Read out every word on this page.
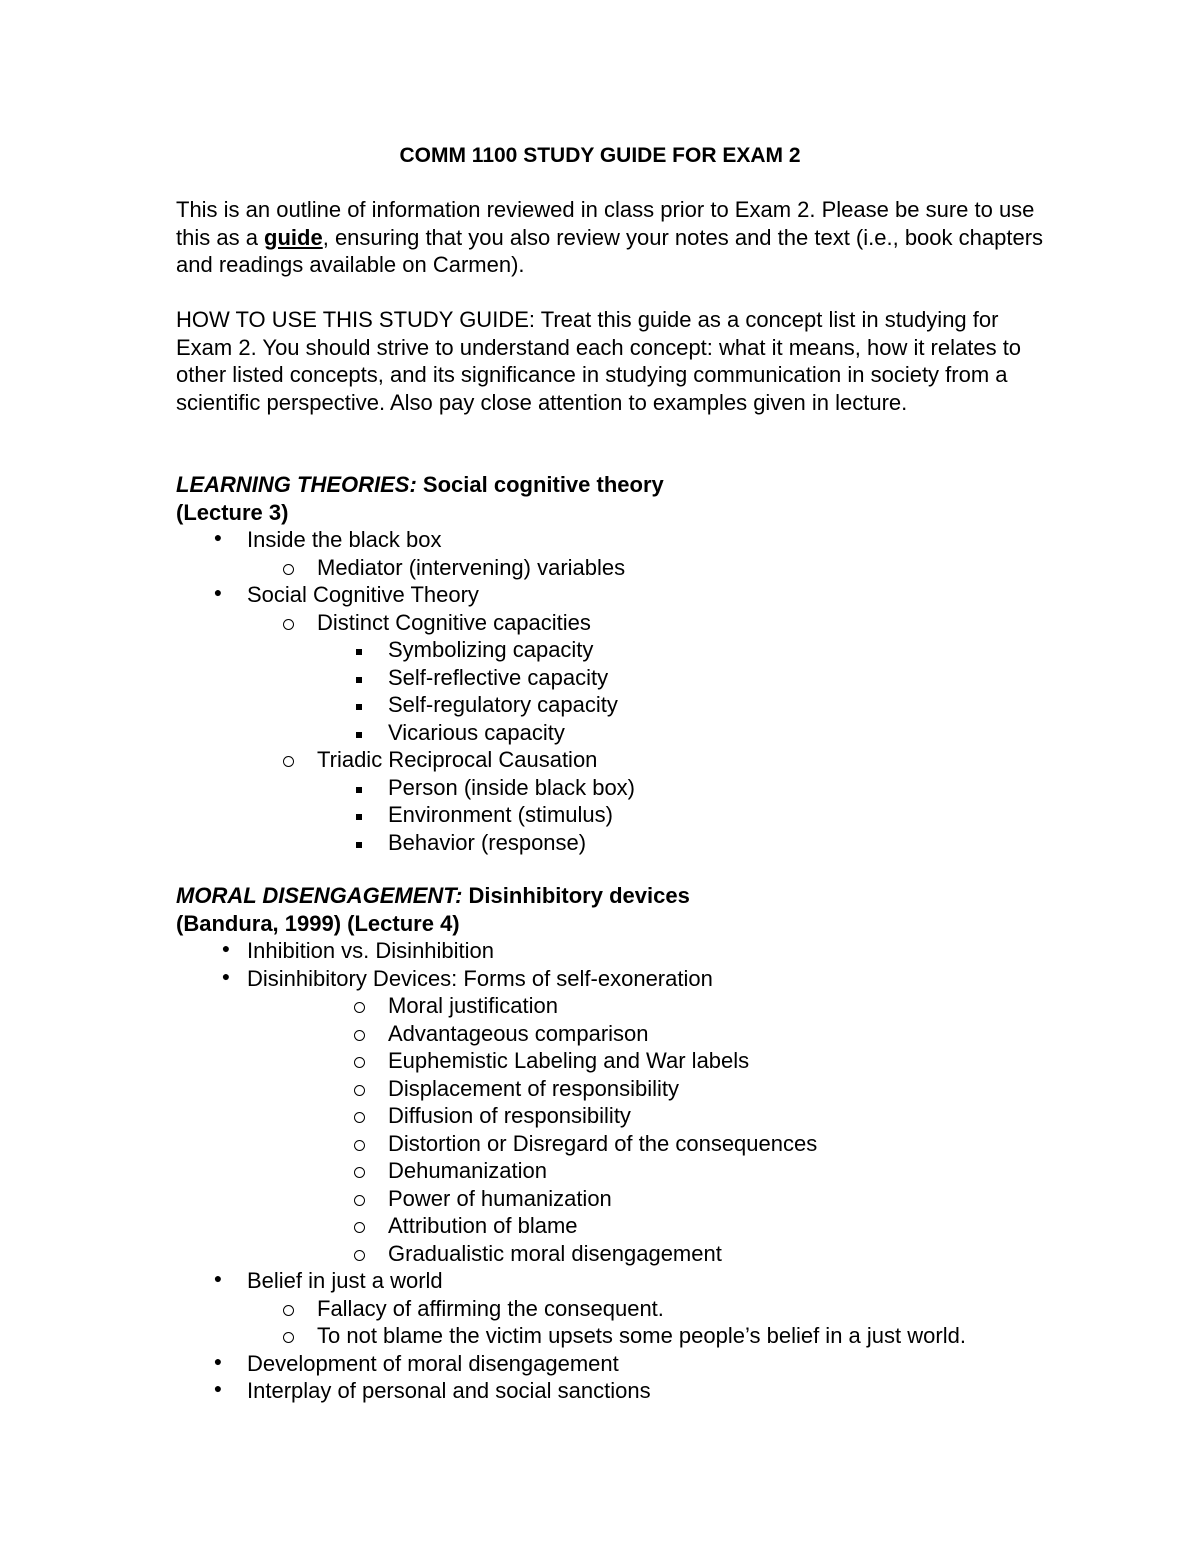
COMM 1100 STUDY GUIDE FOR EXAM 2

This is an outline of information reviewed in class prior to Exam 2. Please be sure to use this as a guide, ensuring that you also review your notes and the text (i.e., book chapters and readings available on Carmen).

HOW TO USE THIS STUDY GUIDE: Treat this guide as a concept list in studying for Exam 2. You should strive to understand each concept: what it means, how it relates to other listed concepts, and its significance in studying communication in society from a scientific perspective. Also pay close attention to examples given in lecture.

LEARNING THEORIES: Social cognitive theory
(Lecture 3)
● Inside the black box
Mediator (intervening) variables
● Social Cognitive Theory
Distinct Cognitive capacities
Symbolizing capacity
Self-reflective capacity
Self-regulatory capacity
Vicarious capacity
Triadic Reciprocal Causation
Person (inside black box)
Environment (stimulus)
Behavior (response)
MORAL DISENGAGEMENT: Disinhibitory devices
(Bandura, 1999) (Lecture 4)
● Inhibition vs. Disinhibition
● Disinhibitory Devices: Forms of self-exoneration
Moral justification
Advantageous comparison
Euphemistic Labeling and War labels
Displacement of responsibility
Diffusion of responsibility
Distortion or Disregard of the consequences
Dehumanization
Power of humanization
Attribution of blame
Gradualistic moral disengagement
● Belief in just a world
Fallacy of affirming the consequent.
To not blame the victim upsets some people’s belief in a just world.
● Development of moral disengagement
● Interplay of personal and social sanctions
